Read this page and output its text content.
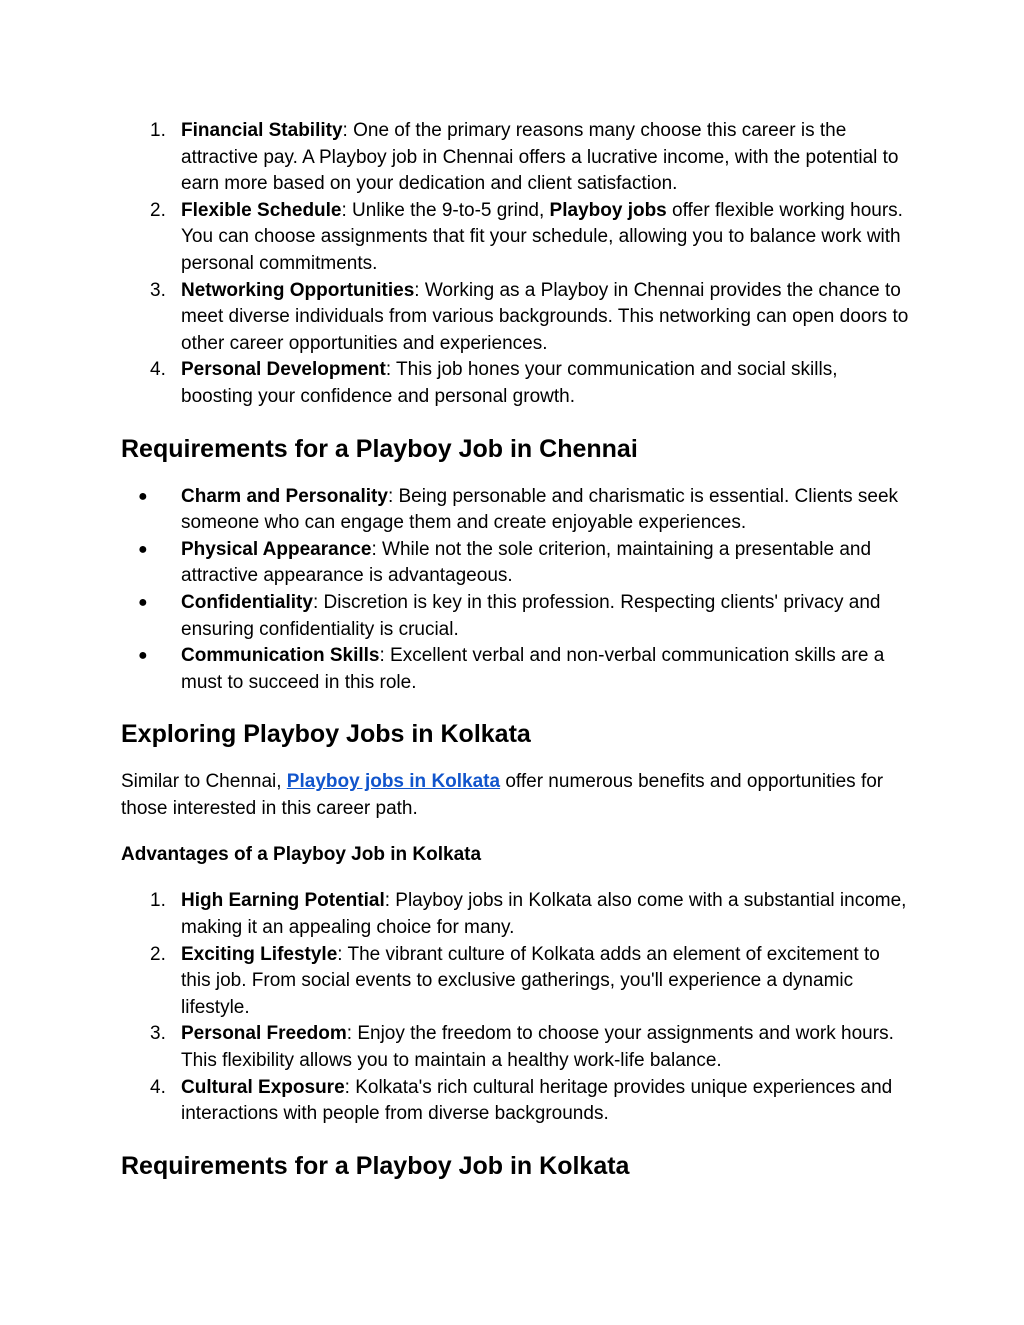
1. Financial Stability: One of the primary reasons many choose this career is the attractive pay. A Playboy job in Chennai offers a lucrative income, with the potential to earn more based on your dedication and client satisfaction.
2. Flexible Schedule: Unlike the 9-to-5 grind, Playboy jobs offer flexible working hours. You can choose assignments that fit your schedule, allowing you to balance work with personal commitments.
3. Networking Opportunities: Working as a Playboy in Chennai provides the chance to meet diverse individuals from various backgrounds. This networking can open doors to other career opportunities and experiences.
4. Personal Development: This job hones your communication and social skills, boosting your confidence and personal growth.
Requirements for a Playboy Job in Chennai
● Charm and Personality: Being personable and charismatic is essential. Clients seek someone who can engage them and create enjoyable experiences.
● Physical Appearance: While not the sole criterion, maintaining a presentable and attractive appearance is advantageous.
● Confidentiality: Discretion is key in this profession. Respecting clients' privacy and ensuring confidentiality is crucial.
● Communication Skills: Excellent verbal and non-verbal communication skills are a must to succeed in this role.
Exploring Playboy Jobs in Kolkata

Similar to Chennai, Playboy jobs in Kolkata offer numerous benefits and opportunities for those interested in this career path.

Advantages of a Playboy Job in Kolkata
1. High Earning Potential: Playboy jobs in Kolkata also come with a substantial income, making it an appealing choice for many.
2. Exciting Lifestyle: The vibrant culture of Kolkata adds an element of excitement to this job. From social events to exclusive gatherings, you'll experience a dynamic lifestyle.
3. Personal Freedom: Enjoy the freedom to choose your assignments and work hours. This flexibility allows you to maintain a healthy work-life balance.
4. Cultural Exposure: Kolkata's rich cultural heritage provides unique experiences and interactions with people from diverse backgrounds.
Requirements for a Playboy Job in Kolkata
